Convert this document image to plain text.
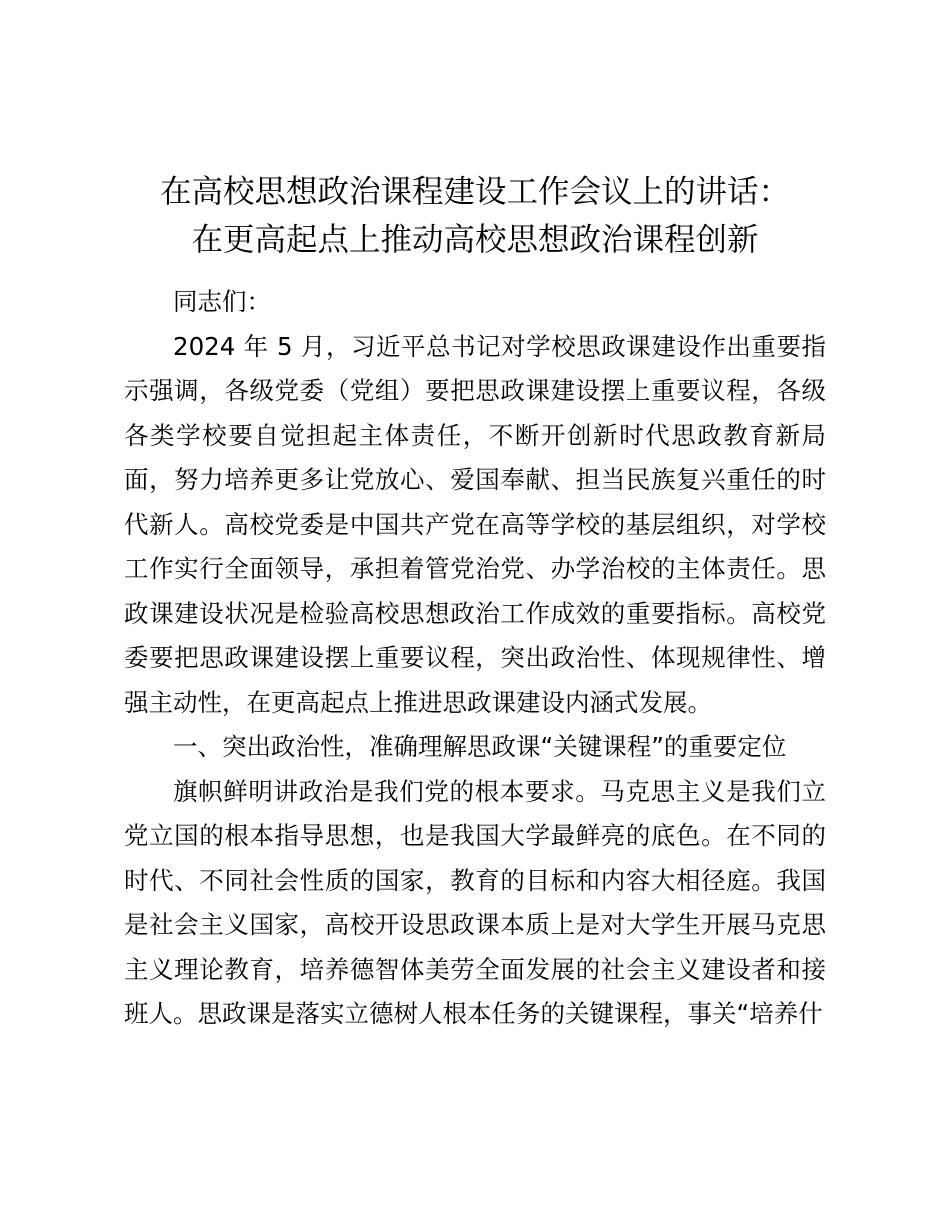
在高校思想政治课程建设工作会议上的讲话：
在更高起点上推动高校思想政治课程创新

同志们：

2024 年 5 月，习近平总书记对学校思政课建设作出重要指示强调，各级党委（党组）要把思政课建设摆上重要议程，各级各类学校要自觉担起主体责任，不断开创新时代思政教育新局面，努力培养更多让党放心、爱国奉献、担当民族复兴重任的时代新人。高校党委是中国共产党在高等学校的基层组织，对学校工作实行全面领导，承担着管党治党、办学治校的主体责任。思政课建设状况是检验高校思想政治工作成效的重要指标。高校党委要把思政课建设摆上重要议程，突出政治性、体现规律性、增强主动性，在更高起点上推进思政课建设内涵式发展。

一、突出政治性，准确理解思政课“关键课程”的重要定位

旗帜鲜明讲政治是我们党的根本要求。马克思主义是我们立党立国的根本指导思想，也是我国大学最鲜亮的底色。在不同的时代、不同社会性质的国家，教育的目标和内容大相径庭。我国是社会主义国家，高校开设思政课本质上是对大学生开展马克思主义理论教育，培养德智体美劳全面发展的社会主义建设者和接班人。思政课是落实立德树人根本任务的关键课程，事关“培养什
